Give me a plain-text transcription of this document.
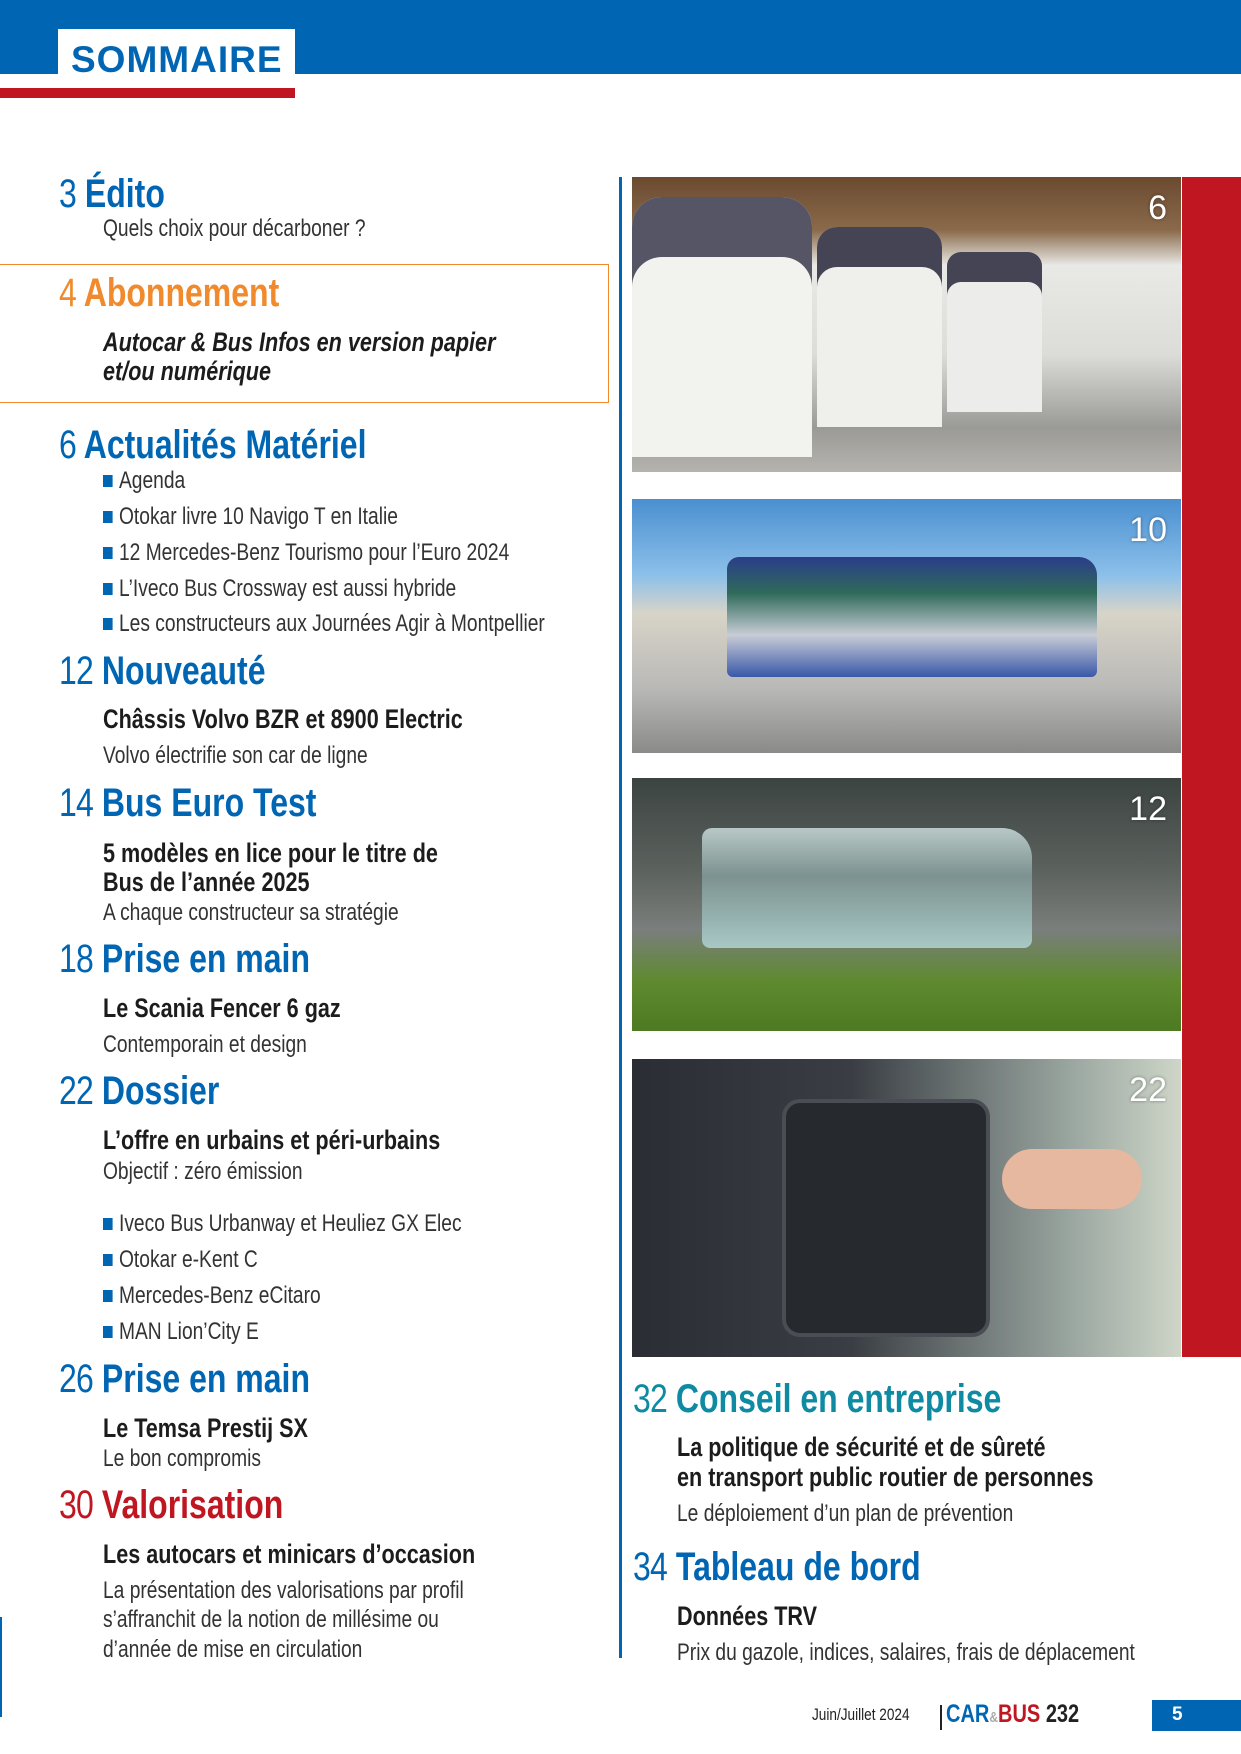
SOMMAIRE
3 Édito
Quels choix pour décarboner ?
4 Abonnement
Autocar & Bus Infos en version papier
et/ou numérique
6 Actualités Matériel
Agenda
Otokar livre 10 Navigo T en Italie
12 Mercedes-Benz Tourismo pour l’Euro 2024
L’Iveco Bus Crossway est aussi hybride
Les constructeurs aux Journées Agir à Montpellier
12 Nouveauté
Châssis Volvo BZR et 8900 Electric
Volvo électrifie son car de ligne
14 Bus Euro Test
5 modèles en lice pour le titre de
Bus de l’année 2025
A chaque constructeur sa stratégie
18 Prise en main
Le Scania Fencer 6 gaz
Contemporain et design
22 Dossier
L’offre en urbains et péri-urbains
Objectif : zéro émission
Iveco Bus Urbanway et Heuliez GX Elec
Otokar e-Kent C
Mercedes-Benz eCitaro
MAN Lion’City E
26 Prise en main
Le Temsa Prestij SX
Le bon compromis
30 Valorisation
Les autocars et minicars d’occasion
La présentation des valorisations par profil
s’affranchit de la notion de millésime ou
d’année de mise en circulation
6
10
12
22
32 Conseil en entreprise
La politique de sécurité et de sûreté
en transport public routier de personnes
Le déploiement d’un plan de prévention
34 Tableau de bord
Données TRV
Prix du gazole, indices, salaires, frais de déplacement
Juin/Juillet 2024	CAR&BUS 232	5
